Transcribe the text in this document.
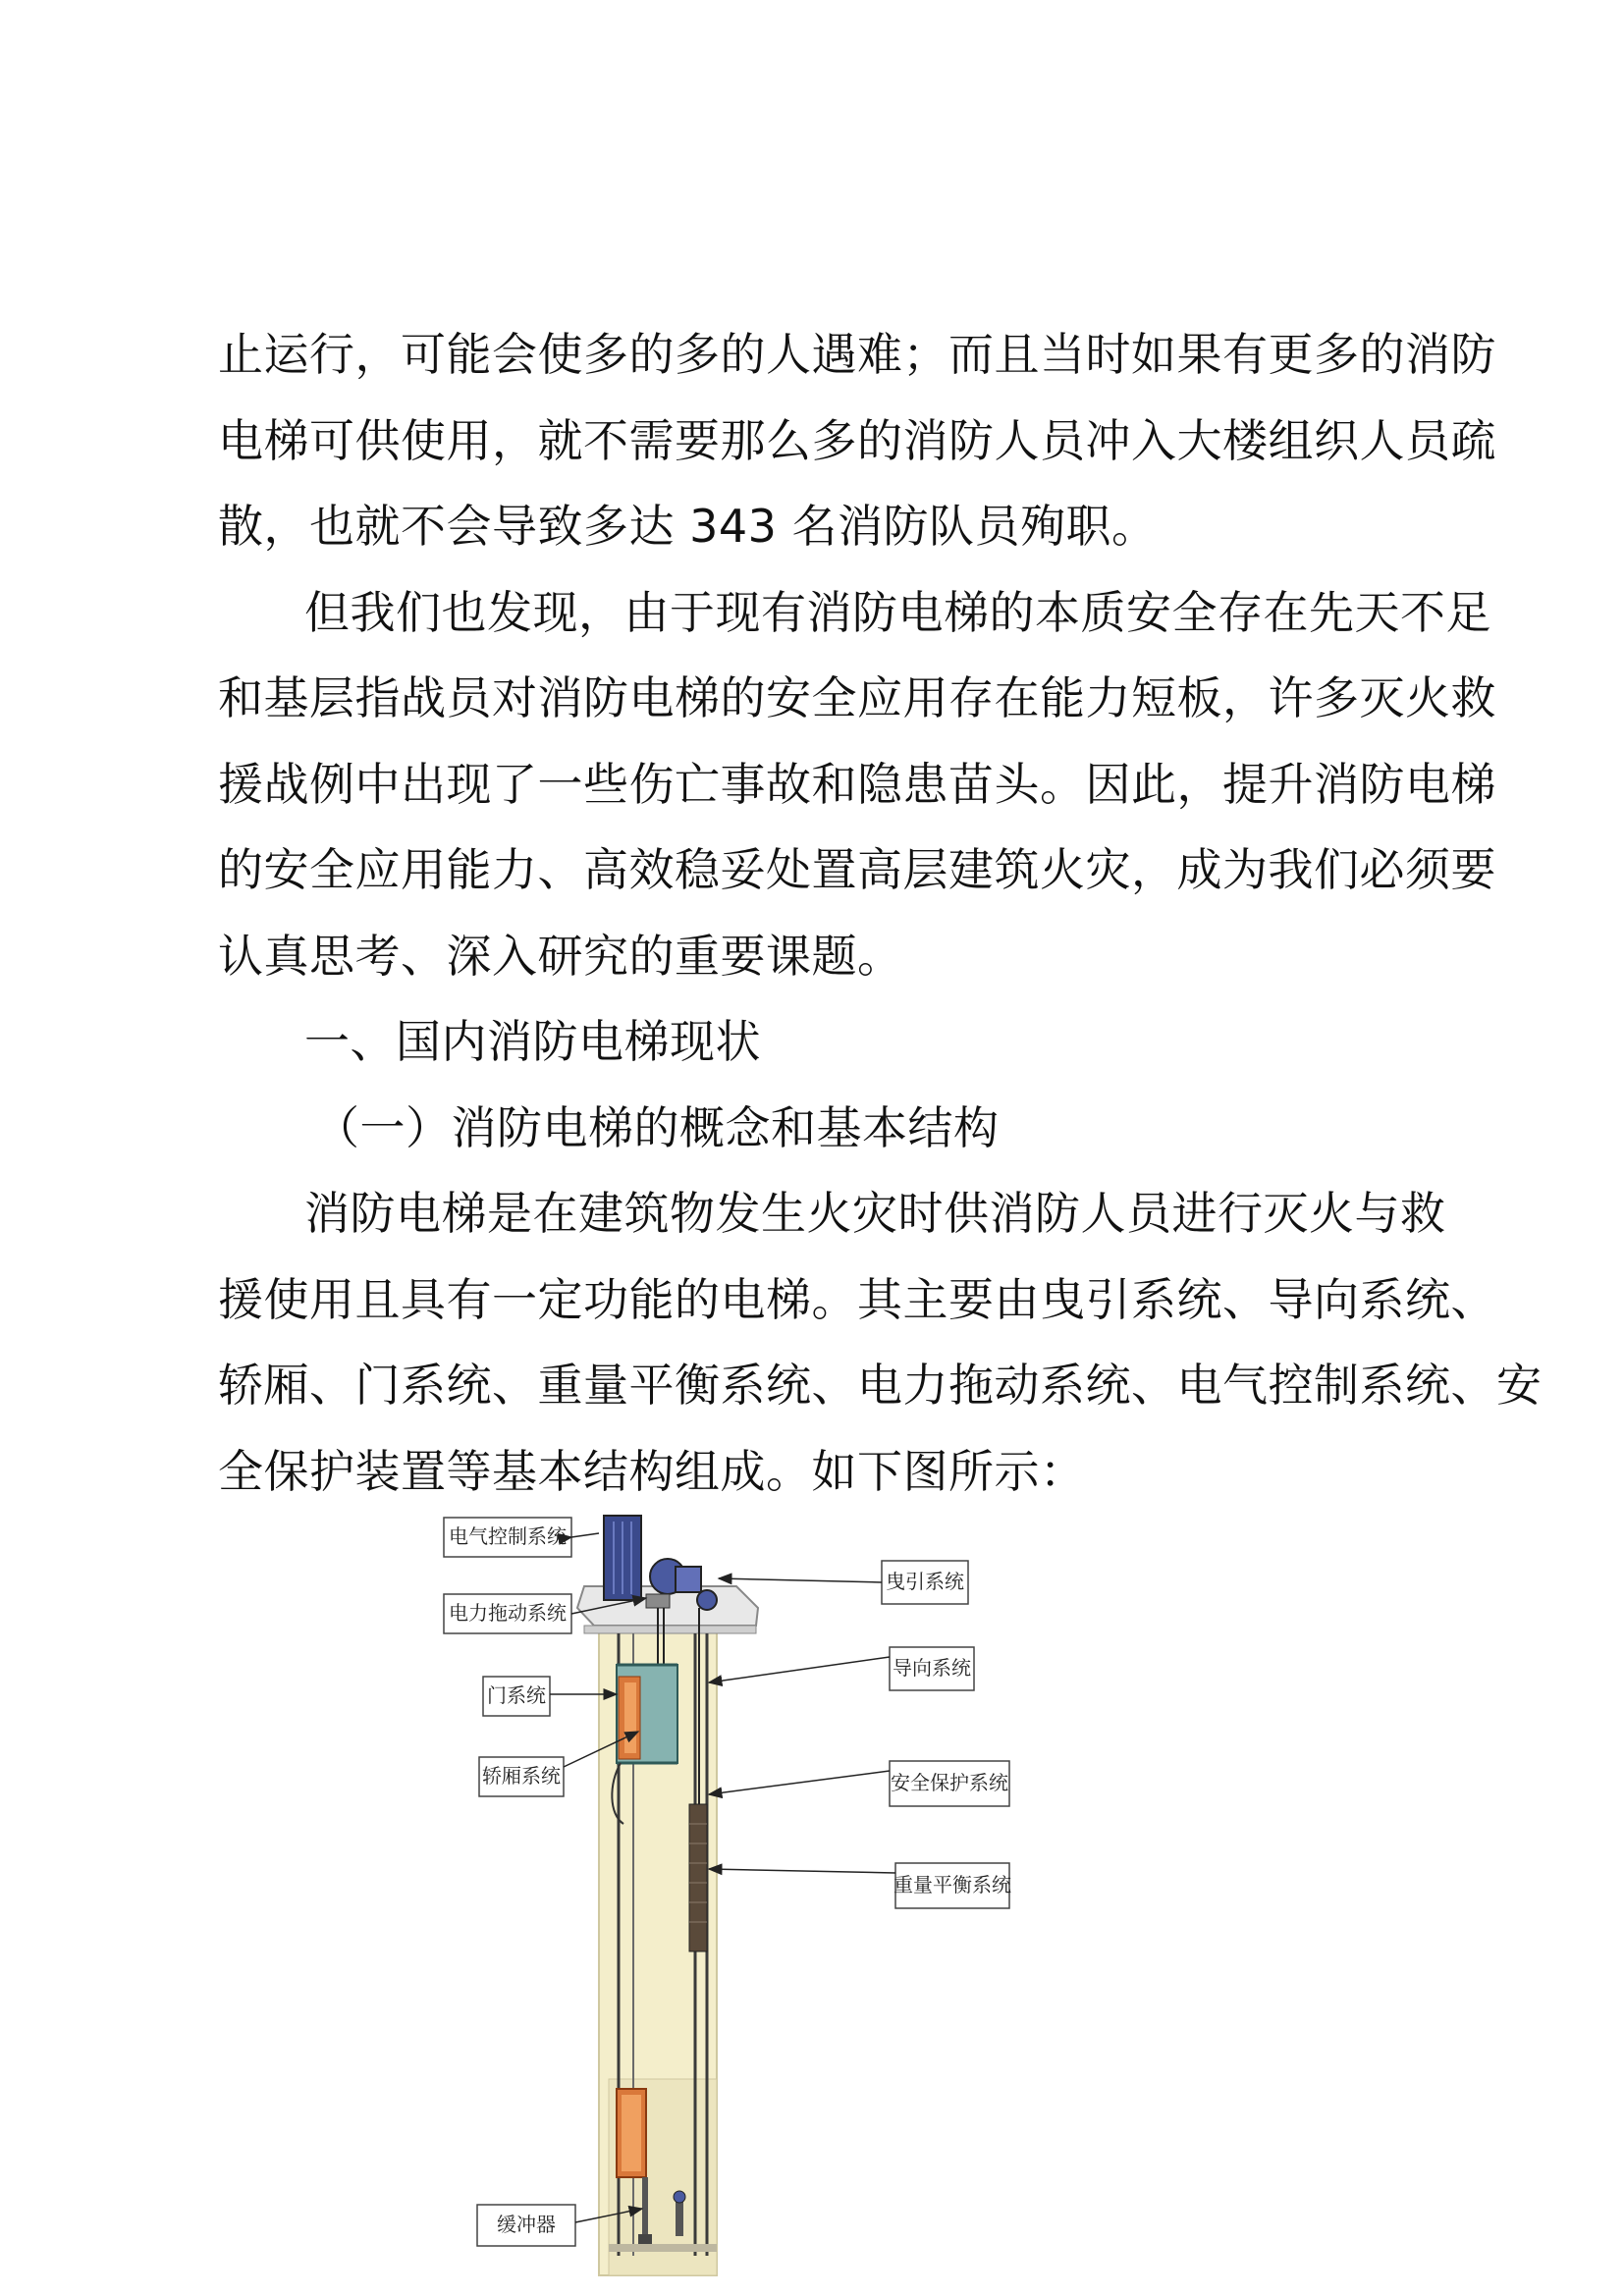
止运行，可能会使多的多的人遇难；而且当时如果有更多的消防
电梯可供使用，就不需要那么多的消防人员冲入大楼组织人员疏
散，也就不会导致多达 343 名消防队员殉职。
但我们也发现，由于现有消防电梯的本质安全存在先天不足
和基层指战员对消防电梯的安全应用存在能力短板，许多灭火救
援战例中出现了一些伤亡事故和隐患苗头。因此，提升消防电梯
的安全应用能力、高效稳妥处置高层建筑火灾，成为我们必须要
认真思考、深入研究的重要课题。
一、国内消防电梯现状
（一）消防电梯的概念和基本结构
消防电梯是在建筑物发生火灾时供消防人员进行灭火与救
援使用且具有一定功能的电梯。其主要由曳引系统、导向系统、
轿厢、门系统、重量平衡系统、电力拖动系统、电气控制系统、安
全保护装置等基本结构组成。如下图所示：
电气控制系统
电力拖动系统
门系统
轿厢系统
缓冲器
曳引系统
导向系统
安全保护系统
重量平衡系统
